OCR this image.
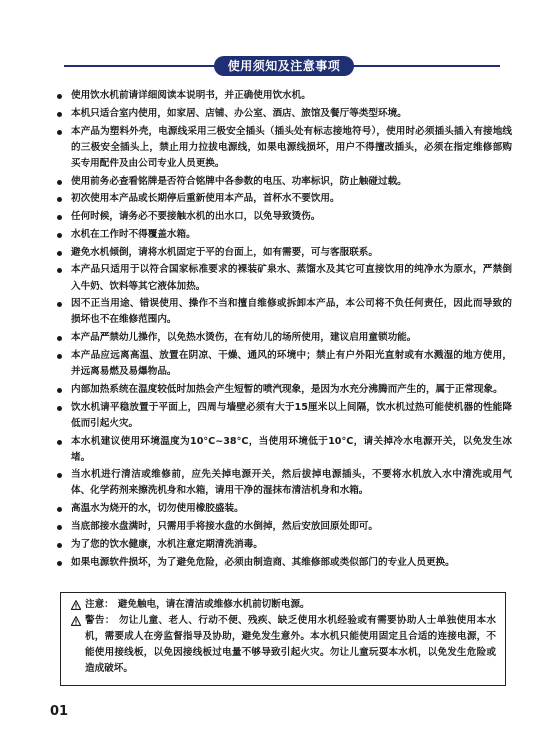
使用须知及注意事项
使用饮水机前请详细阅读本说明书，并正确使用饮水机。
本机只适合室内使用，如家居、店铺、办公室、酒店、旅馆及餐厅等类型环境。
本产品为塑料外壳，电源线采用三极安全插头（插头处有标志接地符号），使用时必须插头插入有接地线的三极安全插头上，禁止用力拉拔电源线，如果电源线损坏，用户不得擅改插头，必须在指定维修部购买专用配件及由公司专业人员更换。
使用前务必查看铭牌是否符合铭牌中各参数的电压、功率标识，防止触碰过载。
初次使用本产品或长期停后重新使用本产品，首杯水不要饮用。
任何时候，请务必不要接触水机的出水口，以免导致烫伤。
水机在工作时不得覆盖水箱。
避免水机倾倒，请将水机固定于平的台面上，如有需要，可与客服联系。
本产品只适用于以符合国家标准要求的裸装矿泉水、蒸馏水及其它可直接饮用的纯净水为原水，严禁倒入牛奶、饮料等其它液体加热。
因不正当用途、错误使用、操作不当和擅自维修或拆卸本产品，本公司将不负任何责任，因此而导致的损坏也不在维修范围内。
本产品严禁幼儿操作，以免热水烫伤，在有幼儿的场所使用，建议启用童锁功能。
本产品应远离高温、放置在阴凉、干燥、通风的环境中；禁止有户外阳光直射或有水溅湿的地方使用，并远离易燃及易爆物品。
内部加热系统在温度较低时加热会产生短暂的喷汽现象，是因为水充分沸腾而产生的，属于正常现象。
饮水机请平稳放置于平面上，四周与墙壁必须有大于15厘米以上间隔，饮水机过热可能使机器的性能降低而引起火灾。
本水机建议使用环境温度为10°C~38°C，当使用环境低于10°C，请关掉冷水电源开关，以免发生冰堵。
当水机进行清洁或维修前，应先关掉电源开关，然后拔掉电源插头，不要将水机放入水中清洗或用气体、化学药剂来擦洗机身和水箱，请用干净的湿抹布清洁机身和水箱。
高温水为烧开的水，切勿使用橡胶盛装。
当底部接水盘满时，只需用手将接水盘的水倒掉，然后安放回原处即可。
为了您的饮水健康，水机注意定期清洗消毒。
如果电源软件损坏，为了避免危险，必须由制造商、其维修部或类似部门的专业人员更换。
注意： 避免触电，请在清洁或维修水机前切断电源。
警告： 勿让儿童、老人、行动不便、残疾、缺乏使用水机经验或有需要协助人士单独使用本水机，需要成人在旁监督指导及协助，避免发生意外。本水机只能使用固定且合适的连接电源，不能使用接线板，以免因接线板过电量不够导致引起火灾。勿让儿童玩耍本水机，以免发生危险或造成破坏。
01
